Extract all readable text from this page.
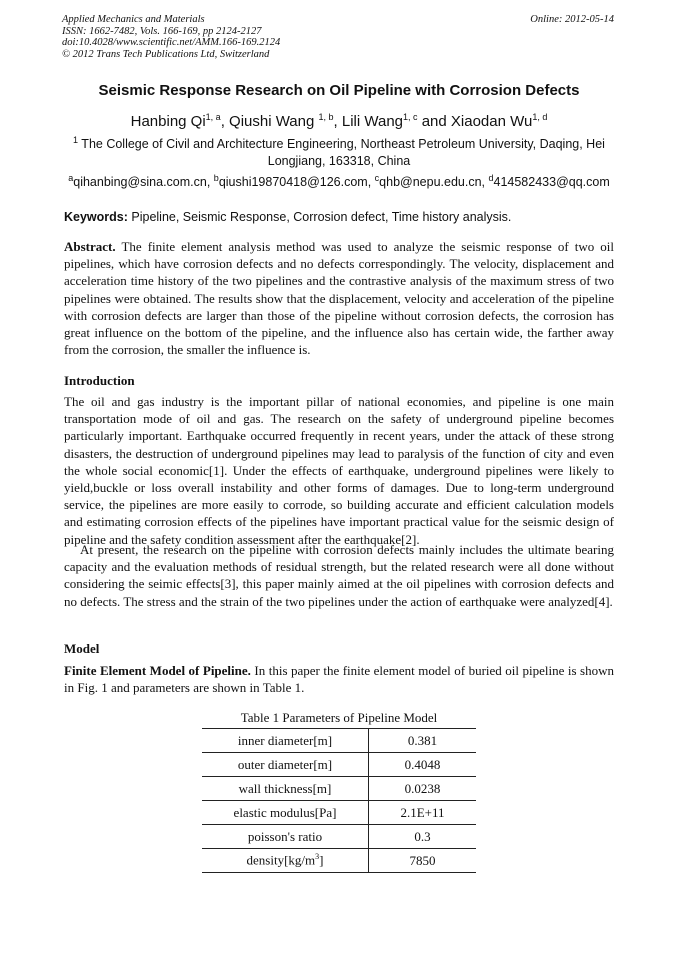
Applied Mechanics and Materials
ISSN: 1662-7482, Vols. 166-169, pp 2124-2127
doi:10.4028/www.scientific.net/AMM.166-169.2124
© 2012 Trans Tech Publications Ltd, Switzerland
Online: 2012-05-14
Seismic Response Research on Oil Pipeline with Corrosion Defects
Hanbing Qi$^{1, a}$, Qiushi Wang $^{1, b}$, Lili Wang$^{1, c}$ and Xiaodan Wu$^{1, d}$
$^1$ The College of Civil and Architecture Engineering, Northeast Petroleum University, Daqing, Hei Longjiang, 163318, China
$^a$qihanbing@sina.com.cn, $^b$qiushi19870418@126.com, $^c$qhb@nepu.edu.cn, $^d$414582433@qq.com
Keywords: Pipeline, Seismic Response, Corrosion defect, Time history analysis.
Abstract. The finite element analysis method was used to analyze the seismic response of two oil pipelines, which have corrosion defects and no defects correspondingly. The velocity, displacement and acceleration time history of the two pipelines and the contrastive analysis of the maximum stress of two pipelines were obtained. The results show that the displacement, velocity and acceleration of the pipeline with corrosion defects are larger than those of the pipeline without corrosion defects, the corrosion has great influence on the bottom of the pipeline, and the influence also has certain wide, the farther away from the corrosion, the smaller the influence is.
Introduction
The oil and gas industry is the important pillar of national economies, and pipeline is one main transportation mode of oil and gas. The research on the safety of underground pipeline becomes particularly important. Earthquake occurred frequently in recent years, under the attack of these strong disasters, the destruction of underground pipelines may lead to paralysis of the function of city and even the whole social economic[1]. Under the effects of earthquake, underground pipelines were likely to yield,buckle or loss overall instability and other forms of damages. Due to long-term underground service, the pipelines are more easily to corrode, so building accurate and efficient calculation models and estimating corrosion effects of the pipelines have important practical value for the seismic design of pipeline and the safety condition assessment after the earthquake[2].
At present, the research on the pipeline with corrosion defects mainly includes the ultimate bearing capacity and the evaluation methods of residual strength, but the related research were all done without considering the seimic effects[3], this paper mainly aimed at the oil pipelines with corrosion defects and no defects. The stress and the strain of the two pipelines under the action of earthquake were analyzed[4].
Model
Finite Element Model of Pipeline. In this paper the finite element model of buried oil pipeline is shown in Fig. 1 and parameters are shown in Table 1.
Table 1 Parameters of Pipeline Model
inner diameter[m]	0.381
outer diameter[m]	0.4048
wall thickness[m]	0.0238
elastic modulus[Pa]	2.1E+11
poisson's ratio	0.3
$density[kg/m^3]$	7850
